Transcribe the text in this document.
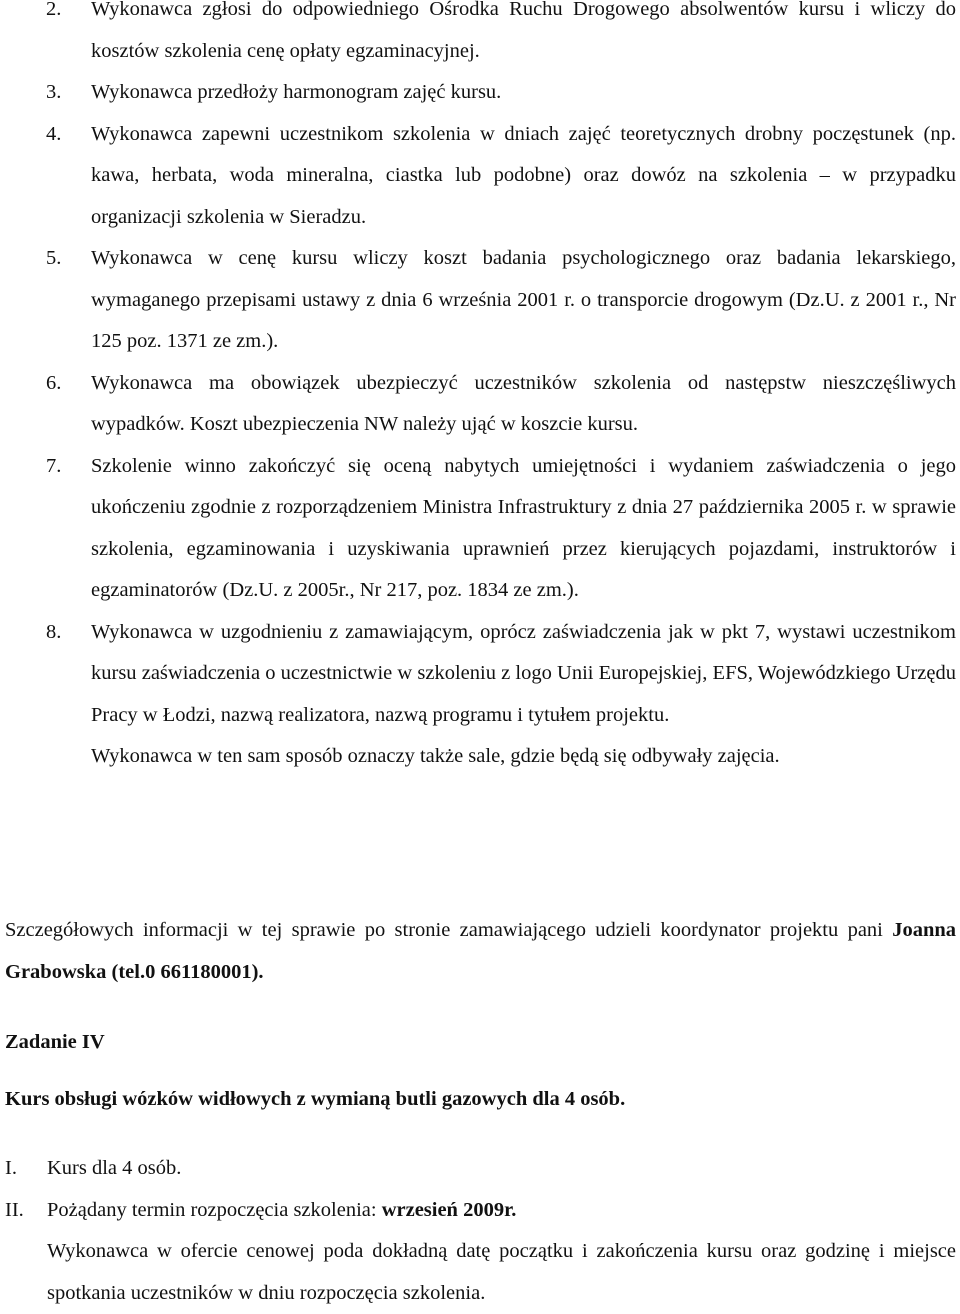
2. Wykonawca zgłosi do odpowiedniego Ośrodka Ruchu Drogowego absolwentów kursu i wliczy do kosztów szkolenia cenę opłaty egzaminacyjnej.
3. Wykonawca przedłoży harmonogram zajęć kursu.
4. Wykonawca zapewni uczestnikom szkolenia w dniach zajęć teoretycznych drobny poczęstunek (np. kawa, herbata, woda mineralna, ciastka lub podobne) oraz dowóz na szkolenia – w przypadku organizacji szkolenia w Sieradzu.
5. Wykonawca w cenę kursu wliczy koszt badania psychologicznego oraz badania lekarskiego, wymaganego przepisami ustawy z dnia 6 września 2001 r. o transporcie drogowym (Dz.U. z 2001 r., Nr 125 poz. 1371 ze zm.).
6. Wykonawca ma obowiązek ubezpieczyć uczestników szkolenia od następstw nieszczęśliwych wypadków. Koszt ubezpieczenia NW należy ująć w koszcie kursu.
7. Szkolenie winno zakończyć się oceną nabytych umiejętności i wydaniem zaświadczenia o jego ukończeniu zgodnie z rozporządzeniem Ministra Infrastruktury z dnia 27 października 2005 r. w sprawie szkolenia, egzaminowania i uzyskiwania uprawnień przez kierujących pojazdami, instruktorów i egzaminatorów (Dz.U. z 2005r., Nr 217, poz. 1834 ze zm.).
8. Wykonawca w uzgodnieniu z zamawiającym, oprócz zaświadczenia jak w pkt 7, wystawi uczestnikom kursu zaświadczenia o uczestnictwie w szkoleniu z logo Unii Europejskiej, EFS, Wojewódzkiego Urzędu Pracy w Łodzi, nazwą realizatora, nazwą programu i tytułem projektu.
Wykonawca w ten sam sposób oznaczy także sale, gdzie będą się odbywały zajęcia.

Szczegółowych informacji w tej sprawie po stronie zamawiającego udzieli koordynator projektu pani Joanna Grabowska (tel.0 661180001).

Zadanie IV

Kurs obsługi wózków widłowych z wymianą butli gazowych dla 4 osób.

I. Kurs dla 4 osób.
II. Pożądany termin rozpoczęcia szkolenia: wrzesień 2009r.
Wykonawca w ofercie cenowej poda dokładną datę początku i zakończenia kursu oraz godzinę i miejsce spotkania uczestników w dniu rozpoczęcia szkolenia.
